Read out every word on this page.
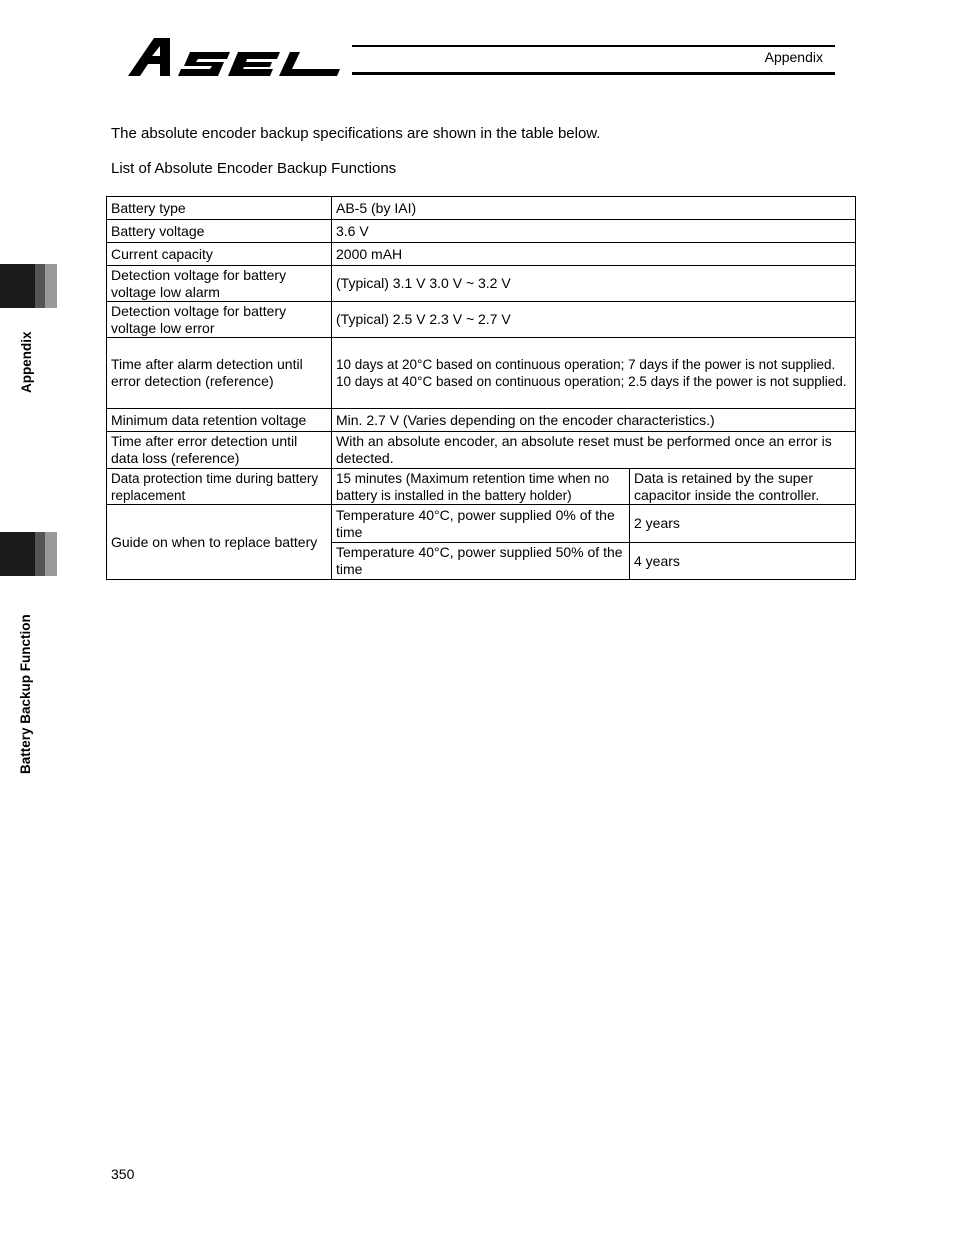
Appendix
Appendix
Battery Backup Function
The absolute encoder backup specifications are shown in the table below.
List of Absolute Encoder Backup Functions
Battery type	AB-5 (by IAI)	
Battery voltage	3.6 V	
Current capacity	2000 mAH	
Detection voltage for battery voltage low alarm	(Typical) 3.1 V 3.0 V ~ 3.2 V	
Detection voltage for battery voltage low error	(Typical) 2.5 V 2.3 V ~ 2.7 V	
Time after alarm detection until error detection (reference)	10 days at 20°C based on continuous operation; 7 days if the power is not supplied.
10 days at 40°C based on continuous operation; 2.5 days if the power is not supplied.	

Minimum data retention voltage	Min. 2.7 V (Varies depending on the encoder characteristics.)	
Time after error detection until data loss (reference)	With an absolute encoder, an absolute reset must be performed once an error is detected.	
Data protection time during battery replacement	15 minutes (Maximum retention time when no battery is installed in the battery holder)	Data is retained by the super capacitor inside the controller.
Guide on when to replace battery	Temperature 40°C, power supplied 0% of the time	2 years
	Temperature 40°C, power supplied 50% of the time	4 years
350
